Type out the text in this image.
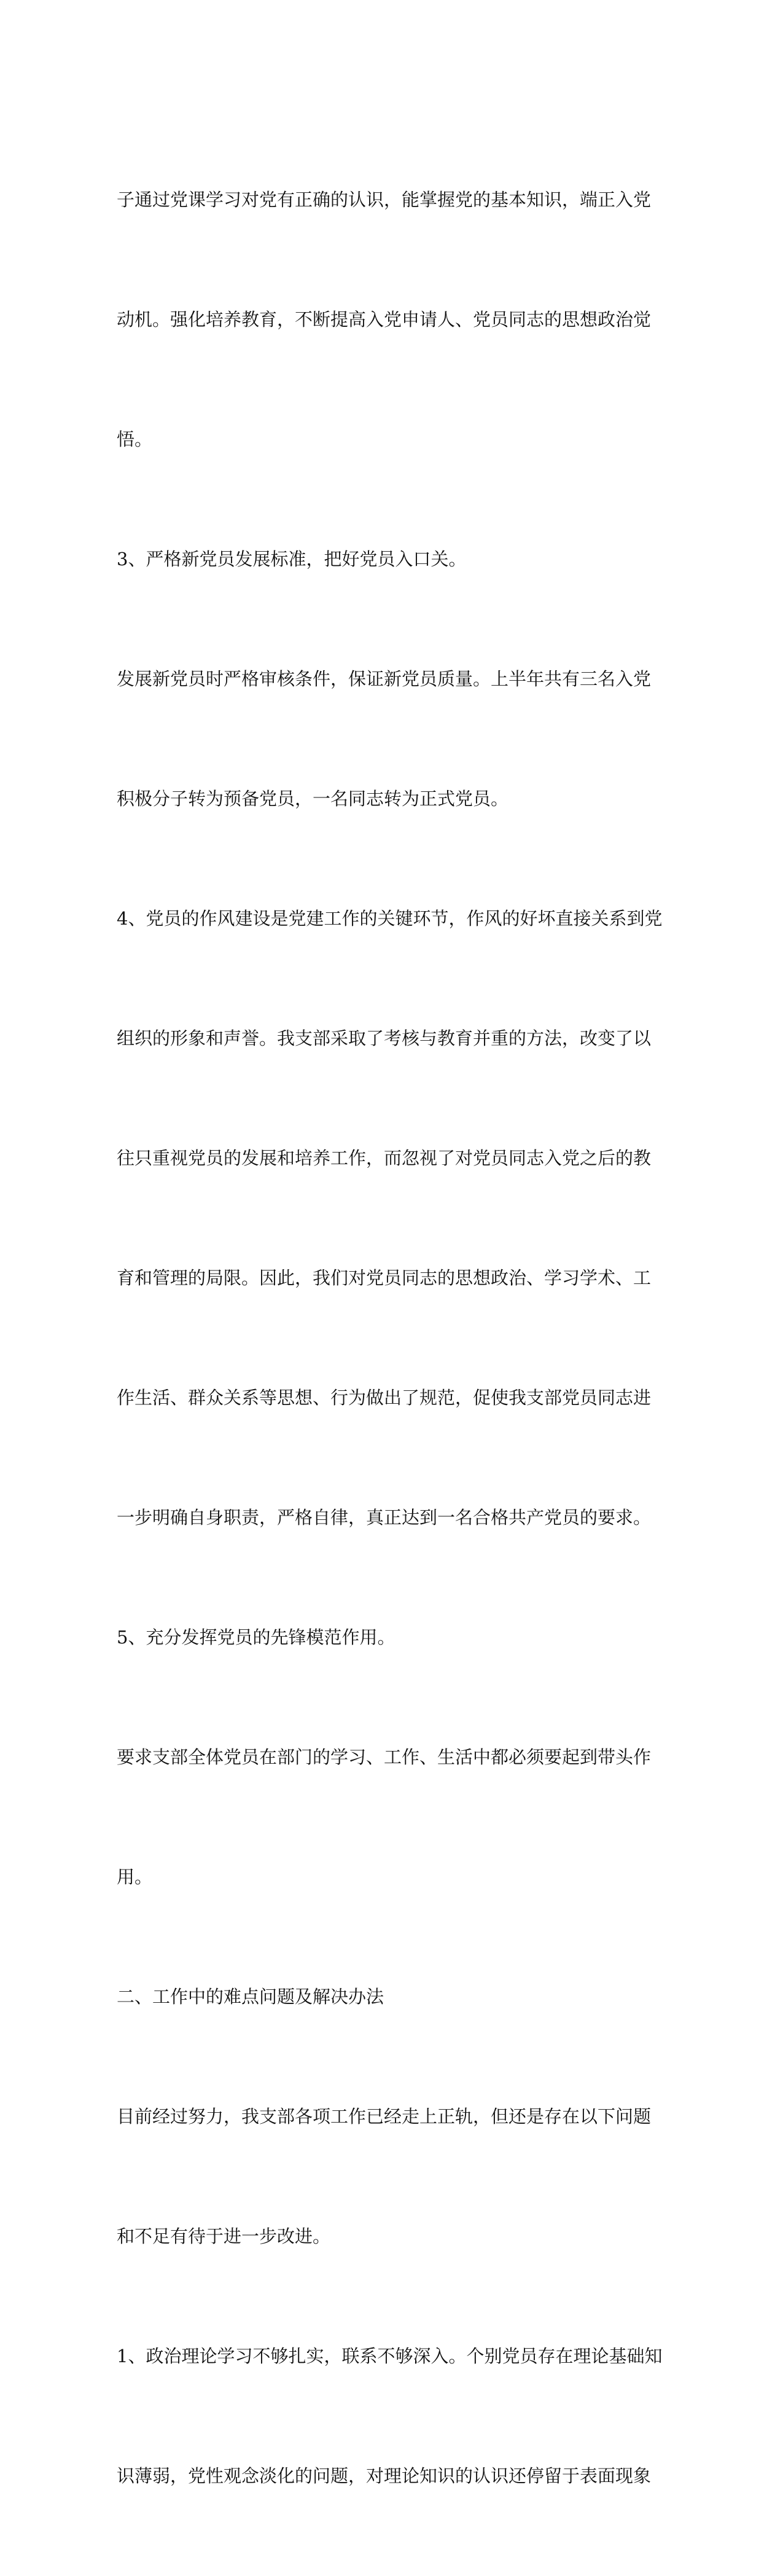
子通过党课学习对党有正确的认识，能掌握党的基本知识，端正入党

动机。强化培养教育，不断提高入党申请人、党员同志的思想政治觉

悟。

3、严格新党员发展标准，把好党员入口关。

发展新党员时严格审核条件，保证新党员质量。上半年共有三名入党

积极分子转为预备党员，一名同志转为正式党员。

4、党员的作风建设是党建工作的关键环节，作风的好坏直接关系到党

组织的形象和声誉。我支部采取了考核与教育并重的方法，改变了以

往只重视党员的发展和培养工作，而忽视了对党员同志入党之后的教

育和管理的局限。因此，我们对党员同志的思想政治、学习学术、工

作生活、群众关系等思想、行为做出了规范，促使我支部党员同志进

一步明确自身职责，严格自律，真正达到一名合格共产党员的要求。

5、充分发挥党员的先锋模范作用。

要求支部全体党员在部门的学习、工作、生活中都必须要起到带头作

用。

二、工作中的难点问题及解决办法

目前经过努力，我支部各项工作已经走上正轨，但还是存在以下问题

和不足有待于进一步改进。

1、政治理论学习不够扎实，联系不够深入。个别党员存在理论基础知

识薄弱，党性观念淡化的问题，对理论知识的认识还停留于表面现象
